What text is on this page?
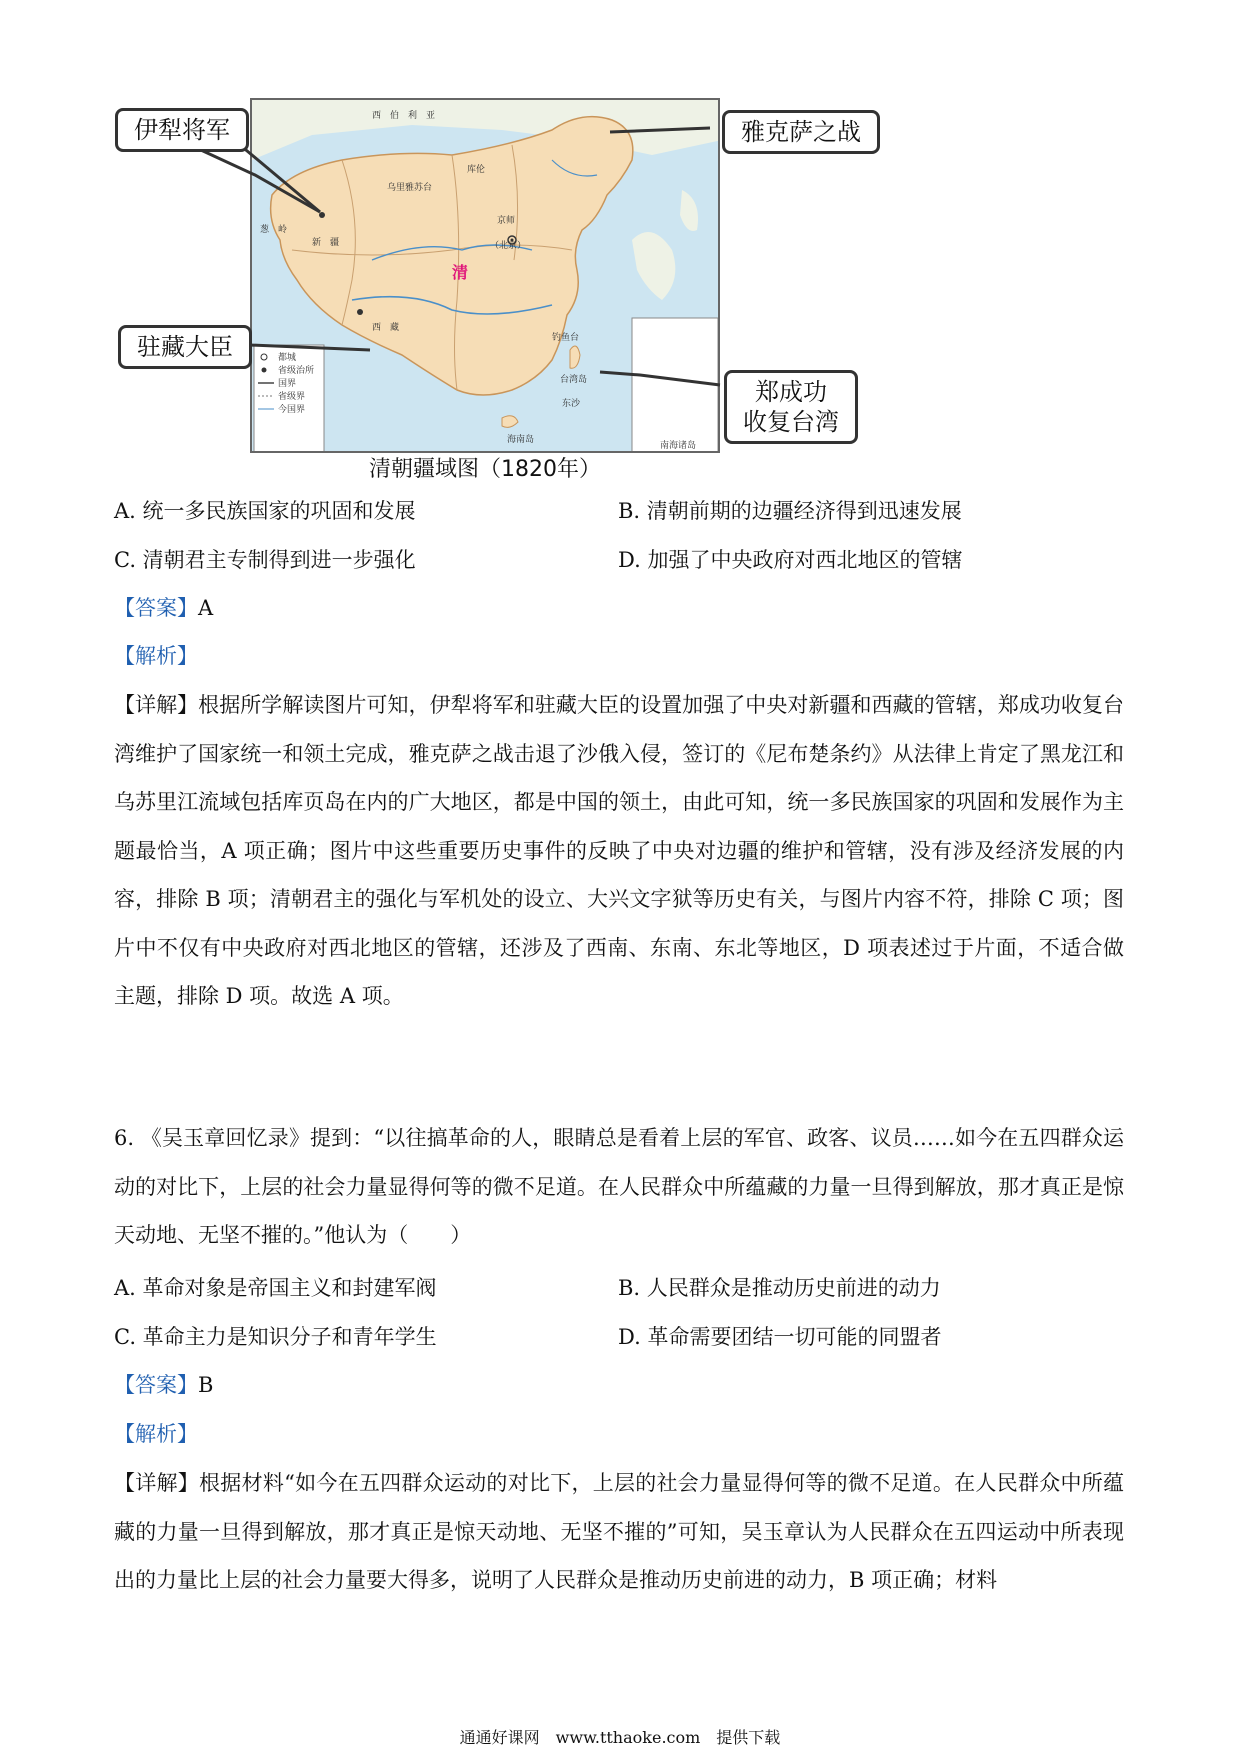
都城
省级治所
国界
省级界
今国界
南海诸岛
西　伯　利　亚
京师
（北京）
库伦
乌里雅苏台
新　疆
西　藏
葱　岭
清
台湾岛
海南岛
东沙
钓鱼台
伊犁将军	雅克萨之战
驻藏大臣
郑成功
收复台湾
清朝疆域图（1820年）
A. 统一多民族国家的巩固和发展	B. 清朝前期的边疆经济得到迅速发展
C. 清朝君主专制得到进一步强化	D. 加强了中央政府对西北地区的管辖
【答案】A
【解析】
【详解】根据所学解读图片可知，伊犁将军和驻藏大臣的设置加强了中央对新疆和西藏的管辖，郑成功收复台湾维护了国家统一和领土完成，雅克萨之战击退了沙俄入侵，签订的《尼布楚条约》从法律上肯定了黑龙江和乌苏里江流域包括库页岛在内的广大地区，都是中国的领土，由此可知，统一多民族国家的巩固和发展作为主题最恰当，A 项正确；图片中这些重要历史事件的反映了中央对边疆的维护和管辖，没有涉及经济发展的内容，排除 B 项；清朝君主的强化与军机处的设立、大兴文字狱等历史有关，与图片内容不符，排除 C 项；图片中不仅有中央政府对西北地区的管辖，还涉及了西南、东南、东北等地区，D 项表述过于片面，不适合做主题，排除 D 项。故选 A 项。
6. 《吴玉章回忆录》提到：“以往搞革命的人，眼睛总是看着上层的军官、政客、议员……如今在五四群众运动的对比下，上层的社会力量显得何等的微不足道。在人民群众中所蕴藏的力量一旦得到解放，那才真正是惊天动地、无坚不摧的。”他认为（　　）
A. 革命对象是帝国主义和封建军阀	B. 人民群众是推动历史前进的动力
C. 革命主力是知识分子和青年学生	D. 革命需要团结一切可能的同盟者
【答案】B
【解析】
【详解】根据材料“如今在五四群众运动的对比下，上层的社会力量显得何等的微不足道。在人民群众中所蕴藏的力量一旦得到解放，那才真正是惊天动地、无坚不摧的”可知，吴玉章认为人民群众在五四运动中所表现出的力量比上层的社会力量要大得多，说明了人民群众是推动历史前进的动力，B 项正确；材料
通通好课网　www.tthaoke.com　提供下载
